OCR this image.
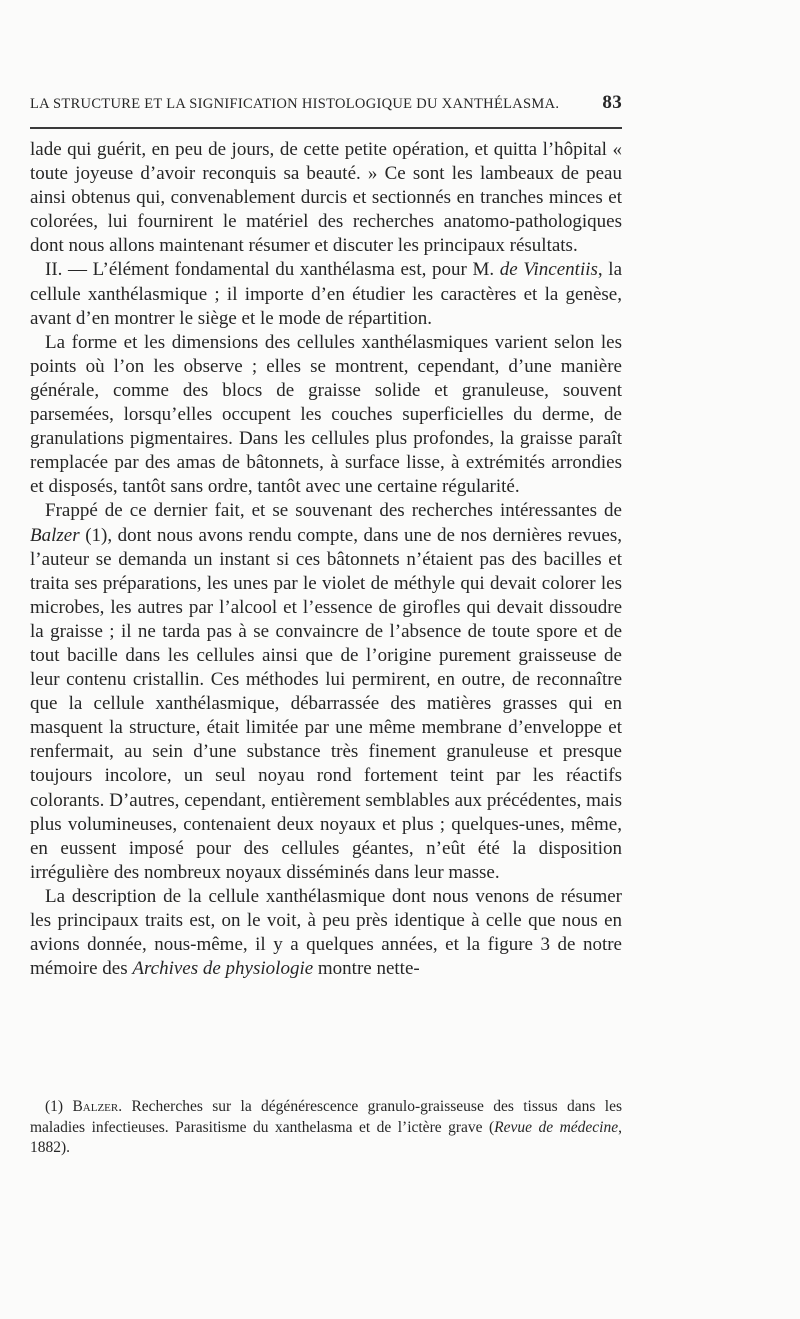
LA STRUCTURE ET LA SIGNIFICATION HISTOLOGIQUE DU XANTHÉLASMA. 83

lade qui guérit, en peu de jours, de cette petite opération, et quitta l’hôpital « toute joyeuse d’avoir reconquis sa beauté. » Ce sont les lambeaux de peau ainsi obtenus qui, convenablement durcis et sectionnés en tranches minces et colorées, lui fournirent le matériel des recherches anatomo-pathologiques dont nous allons maintenant résumer et discuter les principaux résultats.

II. — L’élément fondamental du xanthélasma est, pour M. de Vincentiis, la cellule xanthélasmique ; il importe d’en étudier les caractères et la genèse, avant d’en montrer le siège et le mode de répartition.

La forme et les dimensions des cellules xanthélasmiques varient selon les points où l’on les observe ; elles se montrent, cependant, d’une manière générale, comme des blocs de graisse solide et granuleuse, souvent parsemées, lorsqu’elles occupent les couches superficielles du derme, de granulations pigmentaires. Dans les cellules plus profondes, la graisse paraît remplacée par des amas de bâtonnets, à surface lisse, à extrémités arrondies et disposés, tantôt sans ordre, tantôt avec une certaine régularité.

Frappé de ce dernier fait, et se souvenant des recherches intéressantes de Balzer (1), dont nous avons rendu compte, dans une de nos dernières revues, l’auteur se demanda un instant si ces bâtonnets n’étaient pas des bacilles et traita ses préparations, les unes par le violet de méthyle qui devait colorer les microbes, les autres par l’alcool et l’essence de girofles qui devait dissoudre la graisse ; il ne tarda pas à se convaincre de l’absence de toute spore et de tout bacille dans les cellules ainsi que de l’origine purement graisseuse de leur contenu cristallin. Ces méthodes lui permirent, en outre, de reconnaître que la cellule xanthélasmique, débarrassée des matières grasses qui en masquent la structure, était limitée par une même membrane d’enveloppe et renfermait, au sein d’une substance très finement granuleuse et presque toujours incolore, un seul noyau rond fortement teint par les réactifs colorants. D’autres, cependant, entièrement semblables aux précédentes, mais plus volumineuses, contenaient deux noyaux et plus ; quelques-unes, même, en eussent imposé pour des cellules géantes, n’eût été la disposition irrégulière des nombreux noyaux disséminés dans leur masse.

La description de la cellule xanthélasmique dont nous venons de résumer les principaux traits est, on le voit, à peu près identique à celle que nous en avions donnée, nous-même, il y a quelques années, et la figure 3 de notre mémoire des Archives de physiologie montre nette-

(1) Balzer. Recherches sur la dégénérescence granulo-graisseuse des tissus dans les maladies infectieuses. Parasitisme du xanthelasma et de l’ictère grave (Revue de médecine, 1882).
